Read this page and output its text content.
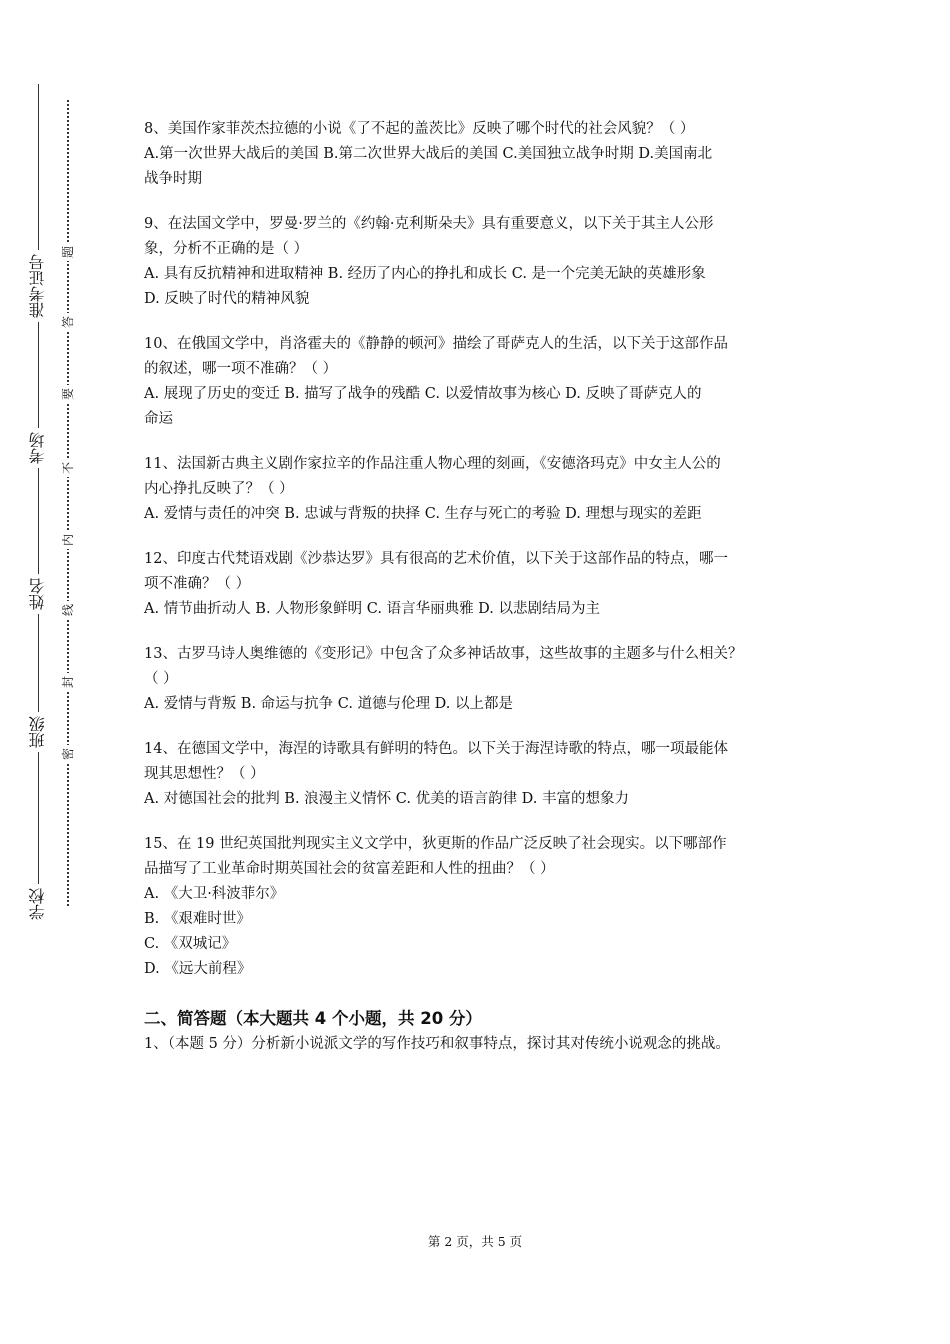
准考证号
考场
姓名
班级
学校
题
答
要
不
内
线
封
密

8、美国作家菲茨杰拉德的小说《了不起的盖茨比》反映了哪个时代的社会风貌？（ ）

A.第一次世界大战后的美国 B.第二次世界大战后的美国 C.美国独立战争时期 D.美国南北

战争时期

9、在法国文学中，罗曼·罗兰的《约翰·克利斯朵夫》具有重要意义，以下关于其主人公形

象，分析不正确的是（ ）

A. 具有反抗精神和进取精神 B. 经历了内心的挣扎和成长 C. 是一个完美无缺的英雄形象

D. 反映了时代的精神风貌

10、在俄国文学中，肖洛霍夫的《静静的顿河》描绘了哥萨克人的生活，以下关于这部作品

的叙述，哪一项不准确？（ ）

A. 展现了历史的变迁 B. 描写了战争的残酷 C. 以爱情故事为核心 D. 反映了哥萨克人的

命运

11、法国新古典主义剧作家拉辛的作品注重人物心理的刻画，《安德洛玛克》中女主人公的

内心挣扎反映了？（ ）

A. 爱情与责任的冲突 B. 忠诚与背叛的抉择 C. 生存与死亡的考验 D. 理想与现实的差距

12、印度古代梵语戏剧《沙恭达罗》具有很高的艺术价值，以下关于这部作品的特点，哪一

项不准确？（ ）

A. 情节曲折动人 B. 人物形象鲜明 C. 语言华丽典雅 D. 以悲剧结局为主

13、古罗马诗人奥维德的《变形记》中包含了众多神话故事，这些故事的主题多与什么相关？

（ ）

A. 爱情与背叛 B. 命运与抗争 C. 道德与伦理 D. 以上都是

14、在德国文学中，海涅的诗歌具有鲜明的特色。以下关于海涅诗歌的特点，哪一项最能体

现其思想性？（ ）

A. 对德国社会的批判 B. 浪漫主义情怀 C. 优美的语言韵律 D. 丰富的想象力

15、在 19 世纪英国批判现实主义文学中，狄更斯的作品广泛反映了社会现实。以下哪部作

品描写了工业革命时期英国社会的贫富差距和人性的扭曲？（ ）

A. 《大卫·科波菲尔》

B. 《艰难时世》

C. 《双城记》

D. 《远大前程》

二、简答题（本大题共 4 个小题，共 20 分）

1、（本题 5 分）分析新小说派文学的写作技巧和叙事特点，探讨其对传统小说观念的挑战。

第 2 页，共 5 页
